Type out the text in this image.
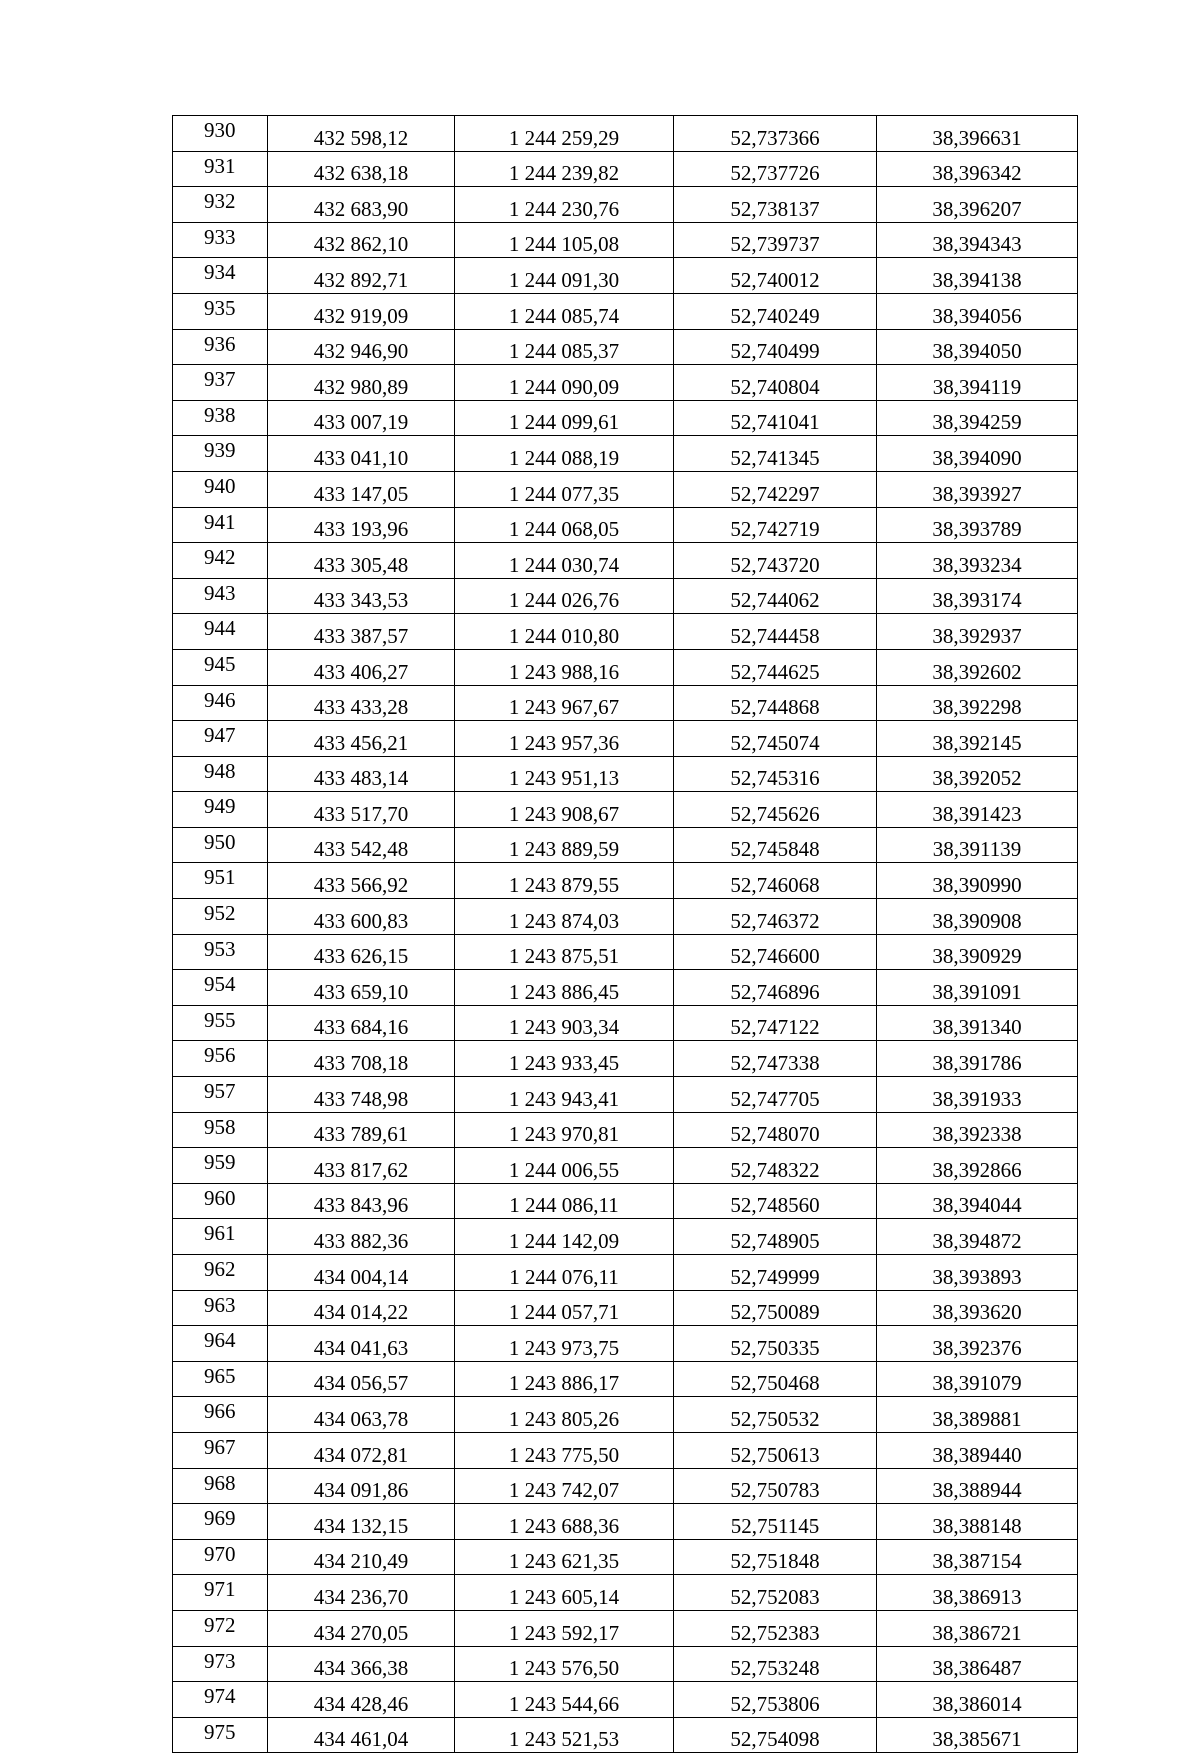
930	432 598,12	1 244 259,29	52,737366	38,396631
931	432 638,18	1 244 239,82	52,737726	38,396342
932	432 683,90	1 244 230,76	52,738137	38,396207
933	432 862,10	1 244 105,08	52,739737	38,394343
934	432 892,71	1 244 091,30	52,740012	38,394138
935	432 919,09	1 244 085,74	52,740249	38,394056
936	432 946,90	1 244 085,37	52,740499	38,394050
937	432 980,89	1 244 090,09	52,740804	38,394119
938	433 007,19	1 244 099,61	52,741041	38,394259
939	433 041,10	1 244 088,19	52,741345	38,394090
940	433 147,05	1 244 077,35	52,742297	38,393927
941	433 193,96	1 244 068,05	52,742719	38,393789
942	433 305,48	1 244 030,74	52,743720	38,393234
943	433 343,53	1 244 026,76	52,744062	38,393174
944	433 387,57	1 244 010,80	52,744458	38,392937
945	433 406,27	1 243 988,16	52,744625	38,392602
946	433 433,28	1 243 967,67	52,744868	38,392298
947	433 456,21	1 243 957,36	52,745074	38,392145
948	433 483,14	1 243 951,13	52,745316	38,392052
949	433 517,70	1 243 908,67	52,745626	38,391423
950	433 542,48	1 243 889,59	52,745848	38,391139
951	433 566,92	1 243 879,55	52,746068	38,390990
952	433 600,83	1 243 874,03	52,746372	38,390908
953	433 626,15	1 243 875,51	52,746600	38,390929
954	433 659,10	1 243 886,45	52,746896	38,391091
955	433 684,16	1 243 903,34	52,747122	38,391340
956	433 708,18	1 243 933,45	52,747338	38,391786
957	433 748,98	1 243 943,41	52,747705	38,391933
958	433 789,61	1 243 970,81	52,748070	38,392338
959	433 817,62	1 244 006,55	52,748322	38,392866
960	433 843,96	1 244 086,11	52,748560	38,394044
961	433 882,36	1 244 142,09	52,748905	38,394872
962	434 004,14	1 244 076,11	52,749999	38,393893
963	434 014,22	1 244 057,71	52,750089	38,393620
964	434 041,63	1 243 973,75	52,750335	38,392376
965	434 056,57	1 243 886,17	52,750468	38,391079
966	434 063,78	1 243 805,26	52,750532	38,389881
967	434 072,81	1 243 775,50	52,750613	38,389440
968	434 091,86	1 243 742,07	52,750783	38,388944
969	434 132,15	1 243 688,36	52,751145	38,388148
970	434 210,49	1 243 621,35	52,751848	38,387154
971	434 236,70	1 243 605,14	52,752083	38,386913
972	434 270,05	1 243 592,17	52,752383	38,386721
973	434 366,38	1 243 576,50	52,753248	38,386487
974	434 428,46	1 243 544,66	52,753806	38,386014
975	434 461,04	1 243 521,53	52,754098	38,385671
